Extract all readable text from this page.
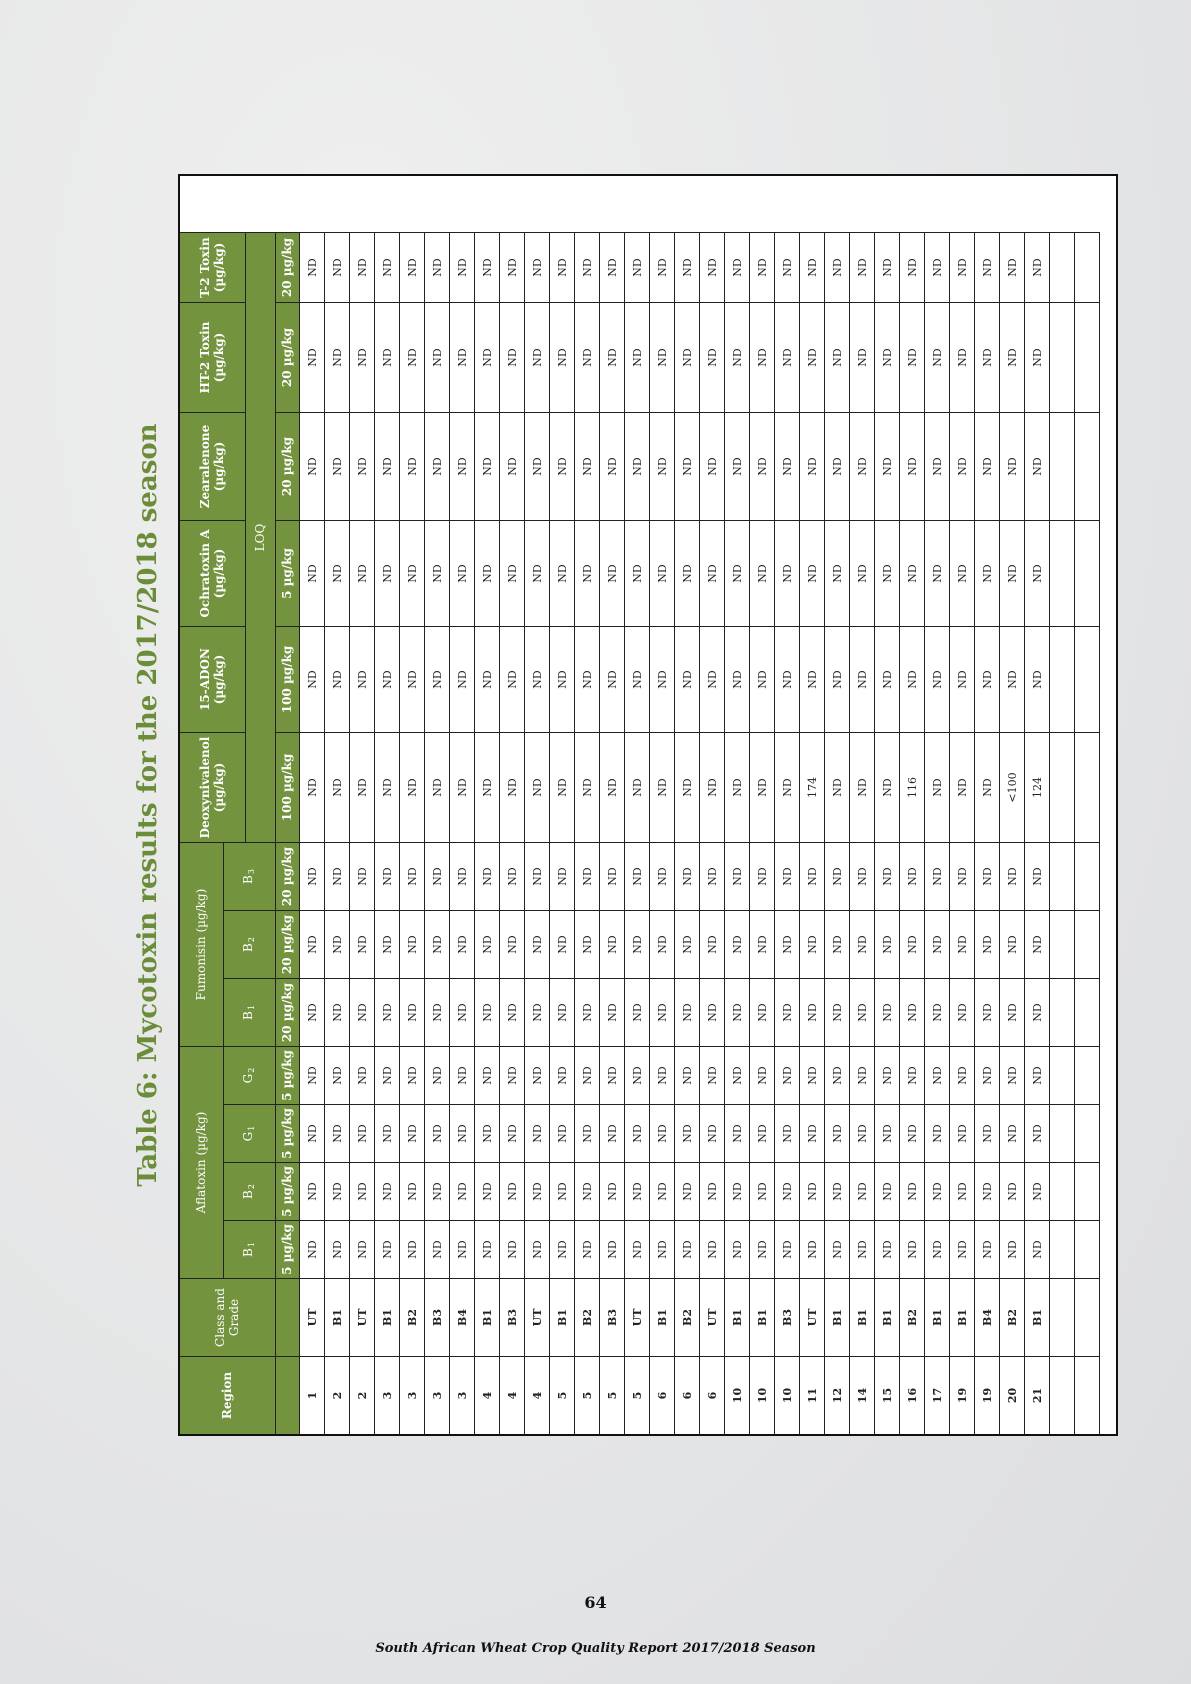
Table 6: Mycotoxin results for the 2017/2018 season
Region
Class and Grade
Aflatoxin (µg/kg)
Fumonisin (µg/kg)
Deoxynivalenol (µg/kg)
15-ADON (µg/kg)
Ochratoxin A (µg/kg)
Zearalenone (µg/kg)
HT-2 Toxin (µg/kg)
T-2 Toxin (µg/kg)
$B_1$
$B_2$
$G_1$
$G_2$
$B_1$
$B_2$
$B_3$
LOQ
5 µg/kg
5 µg/kg
5 µg/kg
5 µg/kg
20 µg/kg
20 µg/kg
20 µg/kg
100 µg/kg
100 µg/kg
5 µg/kg
20 µg/kg
20 µg/kg
20 µg/kg
1
UT
ND
ND
ND
ND
ND
ND
ND
ND
ND
ND
ND
ND
ND
2
B1
ND
ND
ND
ND
ND
ND
ND
ND
ND
ND
ND
ND
ND
2
UT
ND
ND
ND
ND
ND
ND
ND
ND
ND
ND
ND
ND
ND
3
B1
ND
ND
ND
ND
ND
ND
ND
ND
ND
ND
ND
ND
ND
3
B2
ND
ND
ND
ND
ND
ND
ND
ND
ND
ND
ND
ND
ND
3
B3
ND
ND
ND
ND
ND
ND
ND
ND
ND
ND
ND
ND
ND
3
B4
ND
ND
ND
ND
ND
ND
ND
ND
ND
ND
ND
ND
ND
4
B1
ND
ND
ND
ND
ND
ND
ND
ND
ND
ND
ND
ND
ND
4
B3
ND
ND
ND
ND
ND
ND
ND
ND
ND
ND
ND
ND
ND
4
UT
ND
ND
ND
ND
ND
ND
ND
ND
ND
ND
ND
ND
ND
5
B1
ND
ND
ND
ND
ND
ND
ND
ND
ND
ND
ND
ND
ND
5
B2
ND
ND
ND
ND
ND
ND
ND
ND
ND
ND
ND
ND
ND
5
B3
ND
ND
ND
ND
ND
ND
ND
ND
ND
ND
ND
ND
ND
5
UT
ND
ND
ND
ND
ND
ND
ND
ND
ND
ND
ND
ND
ND
6
B1
ND
ND
ND
ND
ND
ND
ND
ND
ND
ND
ND
ND
ND
6
B2
ND
ND
ND
ND
ND
ND
ND
ND
ND
ND
ND
ND
ND
6
UT
ND
ND
ND
ND
ND
ND
ND
ND
ND
ND
ND
ND
ND
10
B1
ND
ND
ND
ND
ND
ND
ND
ND
ND
ND
ND
ND
ND
10
B1
ND
ND
ND
ND
ND
ND
ND
ND
ND
ND
ND
ND
ND
10
B3
ND
ND
ND
ND
ND
ND
ND
ND
ND
ND
ND
ND
ND
11
UT
ND
ND
ND
ND
ND
ND
ND
174
ND
ND
ND
ND
ND
12
B1
ND
ND
ND
ND
ND
ND
ND
ND
ND
ND
ND
ND
ND
14
B1
ND
ND
ND
ND
ND
ND
ND
ND
ND
ND
ND
ND
ND
15
B1
ND
ND
ND
ND
ND
ND
ND
ND
ND
ND
ND
ND
ND
16
B2
ND
ND
ND
ND
ND
ND
ND
116
ND
ND
ND
ND
ND
17
B1
ND
ND
ND
ND
ND
ND
ND
ND
ND
ND
ND
ND
ND
19
B1
ND
ND
ND
ND
ND
ND
ND
ND
ND
ND
ND
ND
ND
19
B4
ND
ND
ND
ND
ND
ND
ND
ND
ND
ND
ND
ND
ND
20
B2
ND
ND
ND
ND
ND
ND
ND
<100
ND
ND
ND
ND
ND
21
B1
ND
ND
ND
ND
ND
ND
ND
124
ND
ND
ND
ND
ND
64
South African Wheat Crop Quality Report 2017/2018 Season
